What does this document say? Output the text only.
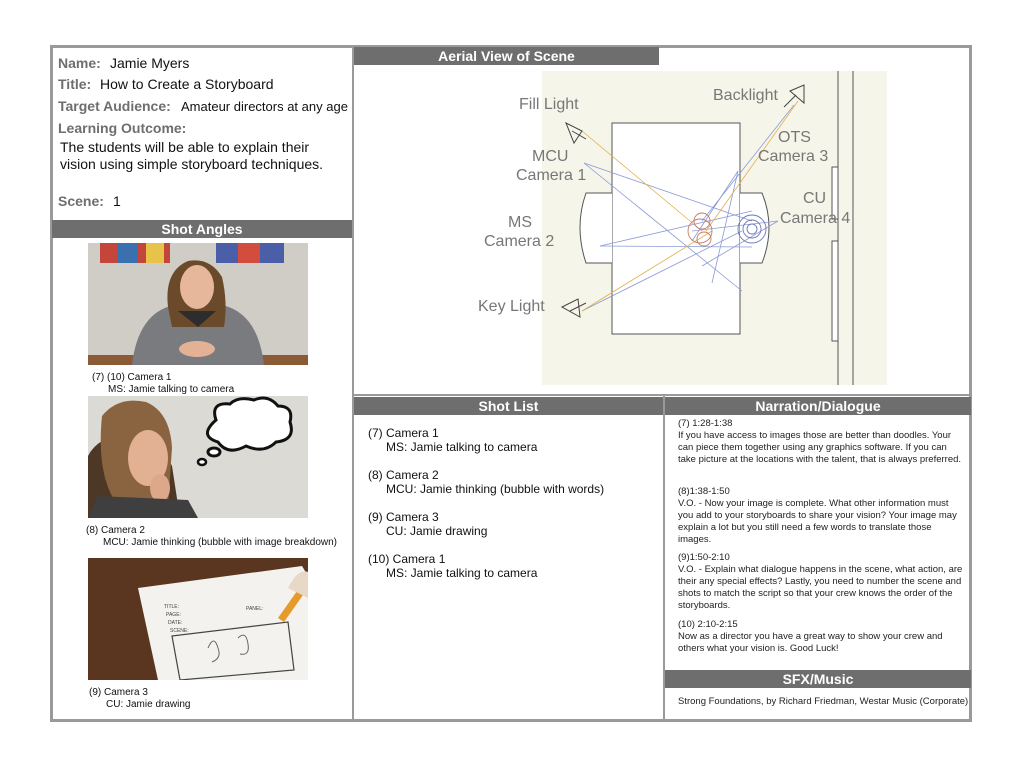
Name: Jamie Myers
Title: How to Create a Storyboard
Target Audience: Amateur directors at any age
Learning Outcome:
The students will be able to explain their
vision using simple storyboard techniques.
Scene: 1
Shot Angles
Aerial View of Scene
Shot List	Narration/Dialogue
SFX/Music
(7) (10) Camera 1
MS: Jamie talking to camera
(8) Camera 2
MCU: Jamie thinking (bubble with image breakdown)
TITLE:
PAGE:
DATE:
SCENE:
PANEL:
(9) Camera 3
CU: Jamie drawing
Fill Light
Backlight
MCU
Camera 1
OTS
Camera 3
CU
Camera 4
MS
Camera 2
Key Light
(7) Camera 1
MS: Jamie talking to camera
(8) Camera 2
MCU: Jamie thinking (bubble with words)
(9) Camera 3
CU: Jamie drawing
(10) Camera 1
MS: Jamie talking to camera
(7) 1:28-1:38
If you have access to images those are better than doodles. Your can piece them together using any graphics software. If you can take picture at the locations with the talent, that is always preferred.
(8)1:38-1:50
V.O. - Now your image is complete. What other information must you add to your storyboards to share your vision? Your image may explain a lot but you still need a few words to translate those images.
(9)1:50-2:10
V.O. - Explain what dialogue happens in the scene, what action, are their any special effects? Lastly, you need to number the scene and shots to match the script so that your crew knows the order of the storyboards.
(10) 2:10-2:15
Now as a director you have a great way to show your crew and others what your vision is. Good Luck!
Strong Foundations, by Richard Friedman, Westar Music (Corporate)
